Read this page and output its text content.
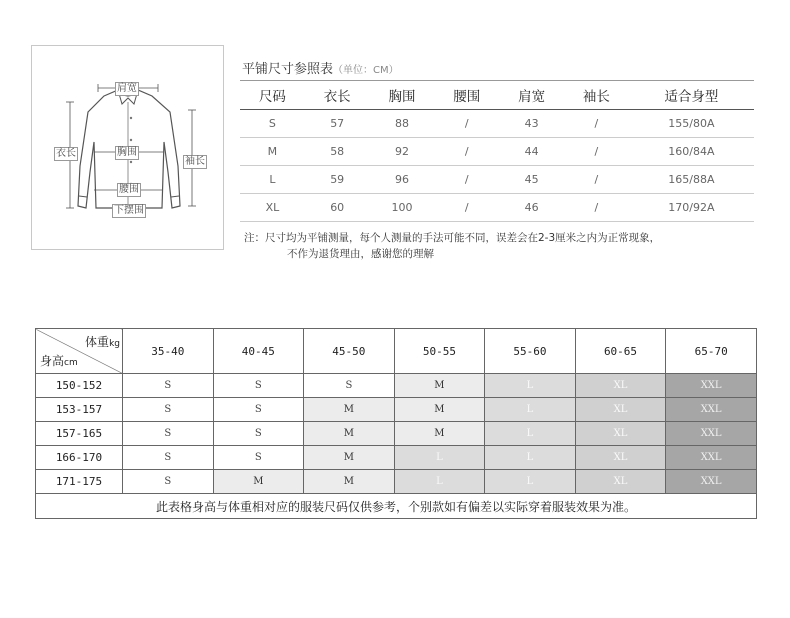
肩宽
衣长	胸围
袖长
腰围
下摆围
平铺尺寸参照表（单位：CM）
尺码	衣长	胸围	腰围	肩宽	袖长	适合身型
S	57	88	/	43	/	155/80A
M	58	92	/	44	/	160/84A
L	59	96	/	45	/	165/88A
XL	60	100	/	46	/	170/92A
注：尺寸均为平铺测量，每个人测量的手法可能不同，误差会在2-3厘米之内为正常现象，
不作为退货理由，感谢您的理解
体重kg
身高cm	35-40	40-45	45-50	50-55	55-60	60-65	65-70
150-152	S	S	S	M	L	XL	XXL
153-157	S	S	M	M	L	XL	XXL
157-165	S	S	M	M	L	XL	XXL
166-170	S	S	M	L	L	XL	XXL
171-175	S	M	M	L	L	XL	XXL
此表格身高与体重相对应的服装尺码仅供参考，个别款如有偏差以实际穿着服装效果为准。							
